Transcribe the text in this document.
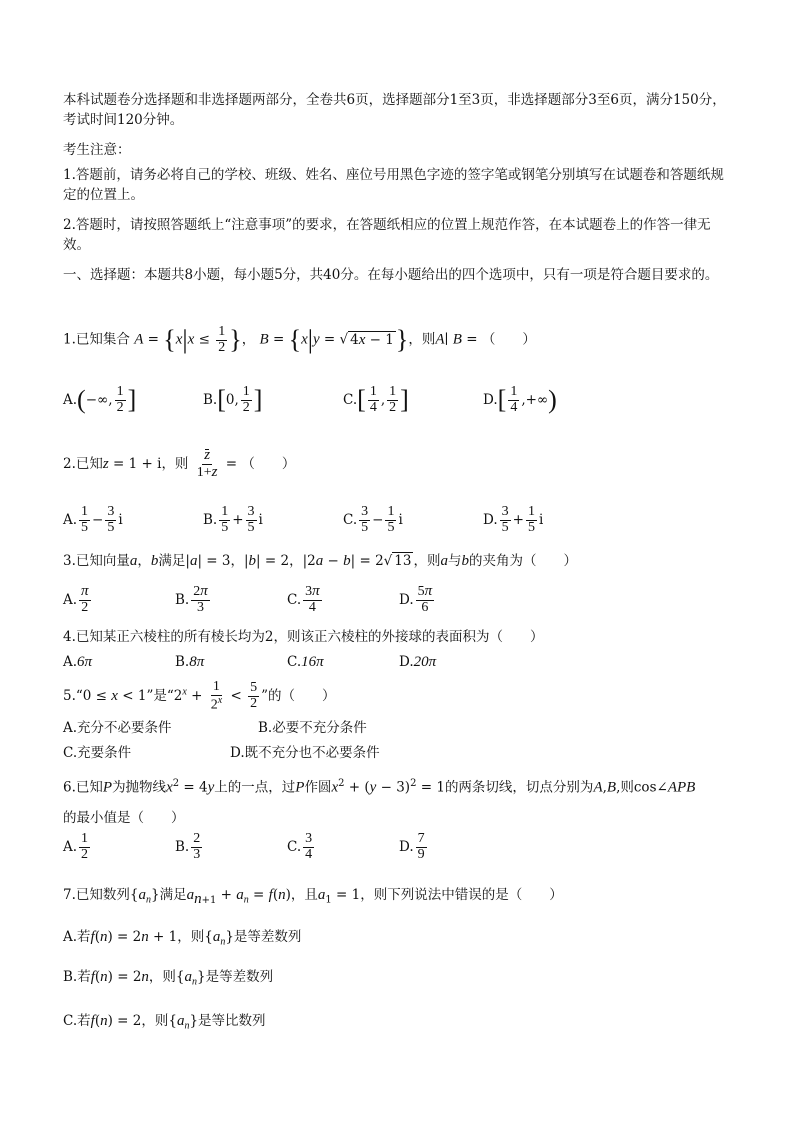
本科试题卷分选择题和非选择题两部分，全卷共6页，选择题部分1至3页，非选择题部分3至6页，满分150分，考试时间120分钟。
考生注意：
1.答题前，请务必将自己的学校、班级、姓名、座位号用黑色字迹的签字笔或钢笔分别填写在试题卷和答题纸规定的位置上。
2.答题时，请按照答题纸上“注意事项”的要求，在答题纸相应的位置上规范作答，在本试题卷上的作答一律无效。
一、选择题：本题共8小题，每小题5分，共40分。在每小题给出的四个选项中，只有一项是符合题目要求的。
1.已知集合 $A = \{x|x \le \frac{1}{2}$ }， B = {x|y = √ 4x − 1}，则A∣ B = （　　）
A. ( −∞, $\frac{1}{2}$ ]	B. [ 0, $\frac{1}{2}$ ]	C. [ $\frac{1}{4}$ , $\frac{1}{2}$ ]	D. [ $\frac{1}{4}$ ,+∞ )
2.已知z = 1 + i，则 $\frac{z}{1+z}$ = （　　）
A. $\frac{1}{5} - \frac{3}{5}$ i	B. $\frac{1}{5} + \frac{3}{5}$ i	C. $\frac{3}{5} - \frac{1}{5}$ i	D. $\frac{3}{5} + \frac{1}{5}$ i
3.已知向量a，b满足|a| = 3，|b| = 2，|2a − b| = 2√ 13 ，则a与b的夹角为（　　）
A. $\frac{\pi}{2}$	B. $\frac{2\pi}{3}$	C. $\frac{3\pi}{4}$	D. $\frac{5\pi}{6}$
4.已知某正六棱柱的所有棱长均为2，则该正六棱柱的外接球的表面积为（　　）
A. 6π	B. 8π	C. 16π	D. 20π
5.“0 ≤ x < 1”是“$2^x + \frac{1}{2^x} < \frac{5}{2}$ ”的（　　）
A.充分不必要条件	B.必要不充分条件
C.充要条件	D.既不充分也不必要条件
6.已知P为抛物线$x^2 = 4y$上的一点，过P作圆$x^2 + (y - 3)^2 = 1$的两条切线，切点分别为A,B,则cos∠APB
的最小值是（　　）
A. $\frac{1}{2}$	B. $\frac{2}{3}$	C. $\frac{3}{4}$	D. $\frac{7}{9}$
7.已知数列$\{a_n\}$满足$a_{n+1} + a_n = f(n)$，且$a_1 = 1$，则下列说法中错误的是（　　）
A.若f(n) = 2n + 1，则$\{a_n\}$是等差数列
B.若f(n) = 2n，则$\{a_n\}$是等差数列
C.若f(n) = 2，则$\{a_n\}$是等比数列
